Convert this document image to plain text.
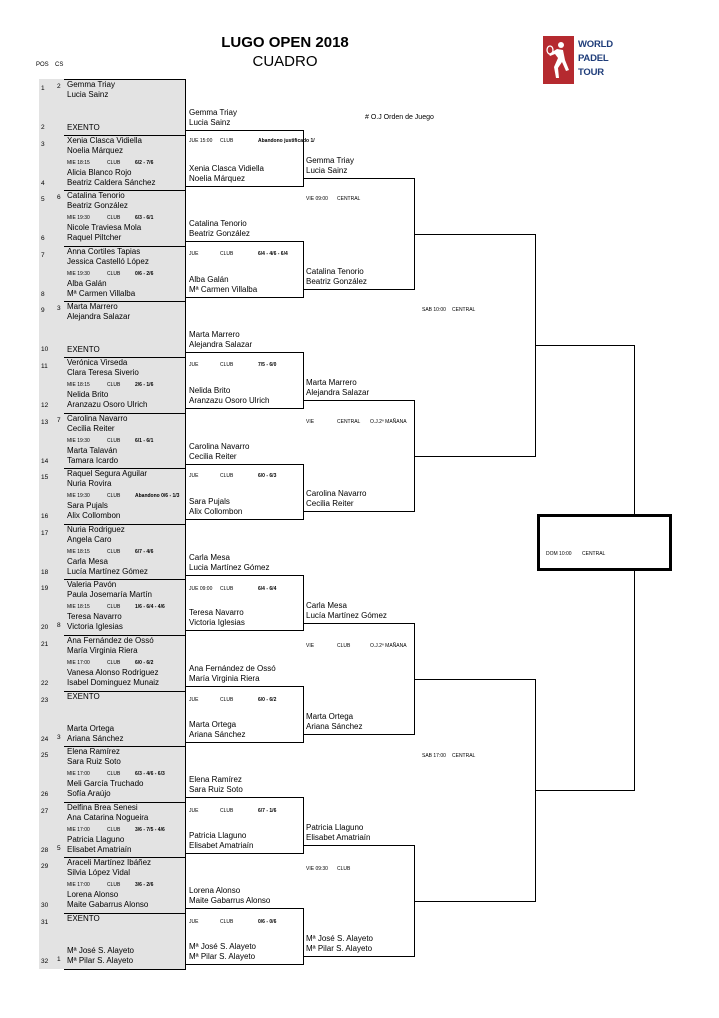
LUGO OPEN 2018
CUADRO
POS CS
# O.J Orden de Juego
WORLD
PADEL
TOUR
1 2 Gemma Triay
Lucia Sainz
2	EXENTO
3	Xenia Clasca Vidiella
Noelia Márquez
MIE 18:15	CLUB	6/2 - 7/6
4
Alicia Blanco Rojo
Beatriz Caldera Sánchez
5 6 Catalina Tenorio
Beatriz González
MIE 19:30	CLUB	6/3 - 6/1
6
Nicole Traviesa Mola
Raquel Piltcher
7	Anna Cortiles Tapias
Jessica Castelló López
MIE 19:30	CLUB	0/6 - 2/6
8
Alba Galán
Mª Carmen Villalba
9 3 Marta Marrero
Alejandra Salazar
10 EXENTO
11 Verónica Virseda
Clara Teresa Siverio
MIE 18:15	CLUB	2/6 - 1/6
12
Nelida Brito
Aranzazu Osoro Ulrich
13 7 Carolina Navarro
Cecilia Reiter
MIE 19:30	CLUB	6/1 - 6/1
14
Marta Talaván
Tamara Icardo
15 Raquel Segura Aguilar
Nuria Rovira
MIE 19:30	CLUB	Abandono 0/6 - 1/3
16
Sara Pujals
Alix Collombon
17 Nuria Rodriguez
Angela Caro
MIE 18:15	CLUB	6/7 - 4/6
18
Carla Mesa
Lucía Martínez Gómez
19 Valeria Pavón
Paula Josemaría Martín
MIE 18:15	CLUB	1/6 - 6/4 - 4/6
20 8
Teresa Navarro
Victoria Iglesias
21 Ana Fernández de Ossó
María Virginia Riera
MIE 17:00	CLUB	6/0 - 6/2
22
Vanesa Alonso Rodriguez
Isabel Dominguez Munaiz
23 EXENTO
24 3
Marta Ortega
Ariana Sánchez
25 Elena Ramírez
Sara Ruiz Soto
MIE 17:00	CLUB	6/3 - 4/6 - 6/3
26
Meli García Truchado
Sofía Araújo
27 Delfina Brea Senesi
Ana Catarina Nogueira
MIE 17:00	CLUB	3/6 - 7/5 - 4/6
28 5
Patricia Llaguno
Elisabet Amatriaín
29 Araceli Martínez Ibáñez
Silvia López Vidal
MIE 17:00	CLUB	3/6 - 2/6
30
Lorena Alonso
Maite Gabarrus Alonso
31 EXENTO
32 1
Mª José S. Alayeto
Mª Pilar S. Alayeto
Gemma Triay
Lucia Sainz
Xenia Clasca Vidiella
Noelia Márquez
Catalina Tenorio
Beatriz González
Alba Galán
Mª Carmen Villalba
Marta Marrero
Alejandra Salazar
Nelida Brito
Aranzazu Osoro Ulrich
Carolina Navarro
Cecilia Reiter
Sara Pujals
Alix Collombon
Carla Mesa
Lucia Martínez Gómez
Teresa Navarro
Victoria Iglesias
Ana Fernández de Ossó
María Virginia Riera
Marta Ortega
Ariana Sánchez
Elena Ramírez
Sara Ruiz Soto
Patricia Llaguno
Elisabet Amatriaín
Lorena Alonso
Maite Gabarrus Alonso
Mª José S. Alayeto
Mª Pilar S. Alayeto
JUE 15:00 CLUB	Abandono justificado 1/
JUE	CLUB	6/4 - 4/6 - 6/4
JUE	CLUB	7/5 - 6/0
JUE	CLUB	6/0 - 6/3
JUE 09:00 CLUB	6/4 - 6/4
JUE	CLUB	6/0 - 6/2
JUE	CLUB	6/7 - 1/6
JUE	CLUB	0/6 - 0/6
Gemma Triay
Lucia Sainz
Catalina Tenorio
Beatriz González
Marta Marrero
Alejandra Salazar
Carolina Navarro
Cecilia Reiter
Carla Mesa
Lucía Martínez Gómez
Marta Ortega
Ariana Sánchez
Patricia Llaguno
Elisabet Amatriaín
Mª José S. Alayeto
Mª Pilar S. Alayeto
VIE 09:00
VIE
VIE
VIE 09:30
CENTRAL
CENTRAL O.J.2º MAÑANA
CLUB	O.J.2º MAÑANA
CLUB
SAB 10:00 CENTRAL
SAB 17:00 CENTRAL
DOM 10:00 CENTRAL
